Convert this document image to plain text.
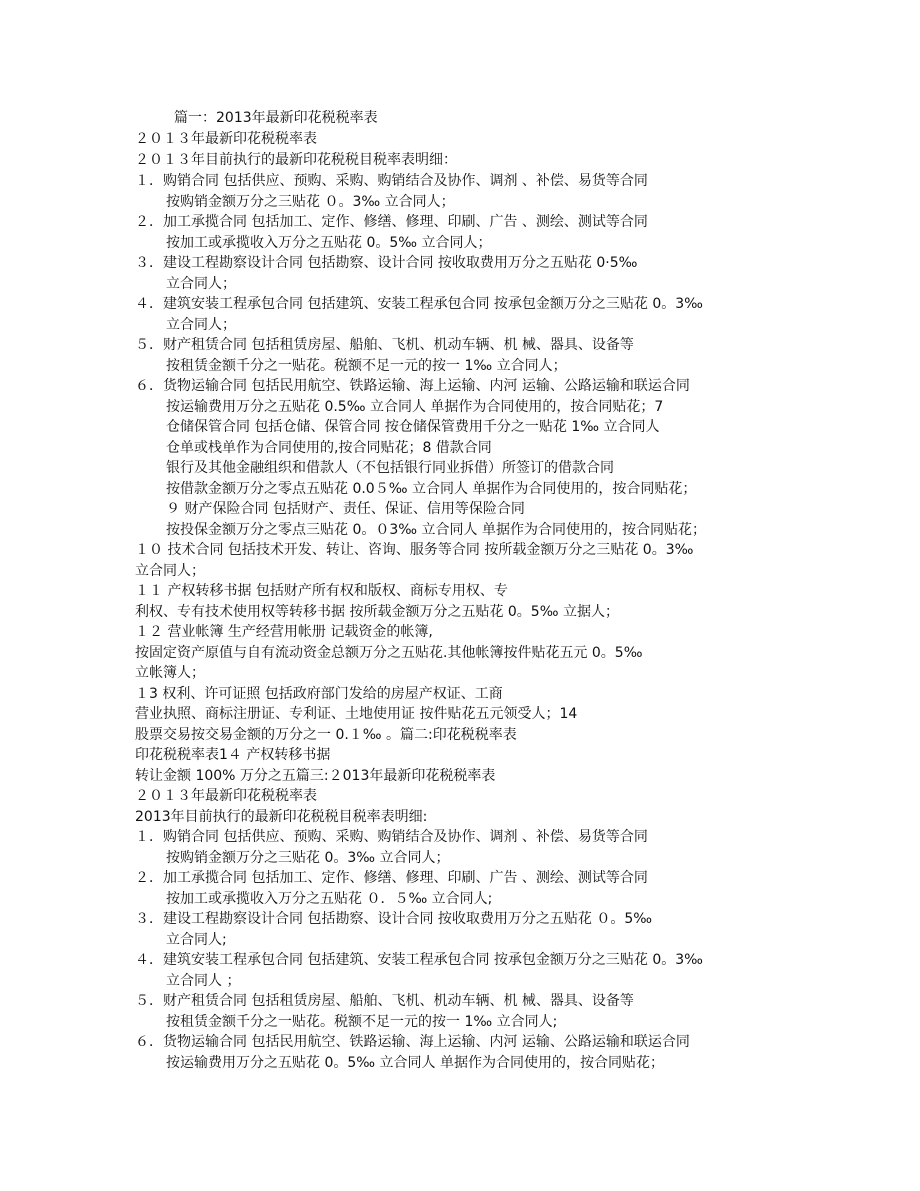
篇一：2013年最新印花税税率表
２０１３年最新印花税税率表
２０１３年目前执行的最新印花税税目税率表明细：
１．购销合同 包括供应、预购、采购、购销结合及协作、调剂 、补偿、易货等合同
按购销金额万分之三贴花 ０。3‰ 立合同人；
２．加工承揽合同 包括加工、定作、修缮、修理、印刷、广告 、测绘、测试等合同
按加工或承揽收入万分之五贴花 0。5‰ 立合同人；
３．建设工程勘察设计合同 包括勘察、设计合同 按收取费用万分之五贴花 0·5‰
立合同人；
４．建筑安装工程承包合同 包括建筑、安装工程承包合同 按承包金额万分之三贴花 0。3‰
立合同人；
５．财产租赁合同 包括租赁房屋、船舶、飞机、机动车辆、机 械、器具、设备等
按租赁金额千分之一贴花。税额不足一元的按一 1‰ 立合同人；
６．货物运输合同 包括民用航空、铁路运输、海上运输、内河 运输、公路运输和联运合同
按运输费用万分之五贴花 0.5‰ 立合同人 单据作为合同使用的，按合同贴花；7
仓储保管合同 包括仓储、保管合同 按仓储保管费用千分之一贴花 1‰ 立合同人
仓单或栈单作为合同使用的,按合同贴花；8 借款合同
银行及其他金融组织和借款人（不包括银行同业拆借）所签订的借款合同
按借款金额万分之零点五贴花 0.0５‰ 立合同人 单据作为合同使用的，按合同贴花；
９ 财产保险合同 包括财产、责任、保证、信用等保险合同
按投保金额万分之零点三贴花 0。０3‰ 立合同人 单据作为合同使用的，按合同贴花；
１０ 技术合同 包括技术开发、转让、咨询、服务等合同 按所载金额万分之三贴花 0。3‰
立合同人；
１１ 产权转移书据 包括财产所有权和版权、商标专用权、专
利权、专有技术使用权等转移书据 按所载金额万分之五贴花 0。5‰ 立据人；
１２ 营业帐簿 生产经营用帐册 记载资金的帐簿,
按固定资产原值与自有流动资金总额万分之五贴花.其他帐簿按件贴花五元 0。5‰
立帐簿人；
１3 权利、许可证照 包括政府部门发给的房屋产权证、工商
营业执照、商标注册证、专利证、土地使用证 按件贴花五元领受人；14
股票交易按交易金额的万分之一 0.１‰ 。篇二:印花税税率表
印花税税率表1４ 产权转移书据
转让金额 100% 万分之五篇三:２013年最新印花税税率表
２０１３年最新印花税税率表
2013年目前执行的最新印花税税目税率表明细:
１．购销合同 包括供应、预购、采购、购销结合及协作、调剂 、补偿、易货等合同
按购销金额万分之三贴花 0。3‰ 立合同人；
２．加工承揽合同 包括加工、定作、修缮、修理、印刷、广告 、测绘、测试等合同
按加工或承揽收入万分之五贴花 ０．５‰ 立合同人;
３．建设工程勘察设计合同 包括勘察、设计合同 按收取费用万分之五贴花 ０。5‰
立合同人;
４．建筑安装工程承包合同 包括建筑、安装工程承包合同 按承包金额万分之三贴花 0。3‰
立合同人 ；
５．财产租赁合同 包括租赁房屋、船舶、飞机、机动车辆、机 械、器具、设备等
按租赁金额千分之一贴花。税额不足一元的按一 1‰ 立合同人;
６．货物运输合同 包括民用航空、铁路运输、海上运输、内河 运输、公路运输和联运合同
按运输费用万分之五贴花 0。5‰ 立合同人 单据作为合同使用的，按合同贴花；
